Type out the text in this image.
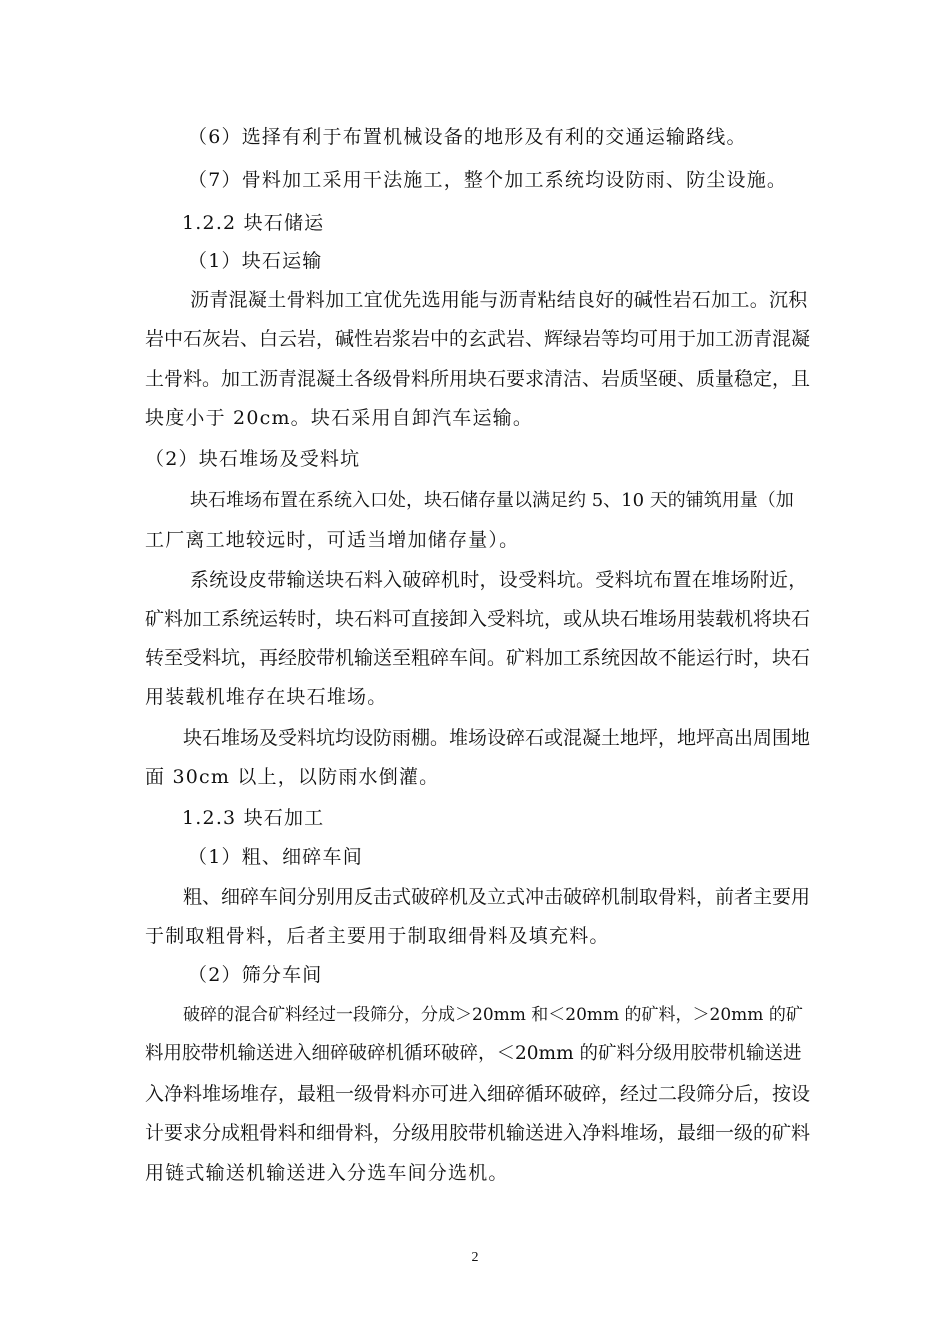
（6）选择有利于布置机械设备的地形及有利的交通运输路线。
（7）骨料加工采用干法施工，整个加工系统均设防雨、防尘设施。
1.2.2 块石储运
（1）块石运输
沥青混凝土骨料加工宜优先选用能与沥青粘结良好的碱性岩石加工。沉积
岩中石灰岩、白云岩，碱性岩浆岩中的玄武岩、辉绿岩等均可用于加工沥青混凝
土骨料。加工沥青混凝土各级骨料所用块石要求清洁、岩质坚硬、质量稳定，且
块度小于 20cm。块石采用自卸汽车运输。
（2）块石堆场及受料坑
块石堆场布置在系统入口处，块石储存量以满足约 5、10 天的铺筑用量（加
工厂离工地较远时，可适当增加储存量）。
系统设皮带输送块石料入破碎机时，设受料坑。受料坑布置在堆场附近，
矿料加工系统运转时，块石料可直接卸入受料坑，或从块石堆场用装载机将块石
转至受料坑，再经胶带机输送至粗碎车间。矿料加工系统因故不能运行时，块石
用装载机堆存在块石堆场。
块石堆场及受料坑均设防雨棚。堆场设碎石或混凝土地坪，地坪高出周围地
面 30cm 以上，以防雨水倒灌。
1.2.3 块石加工
（1）粗、细碎车间
粗、细碎车间分别用反击式破碎机及立式冲击破碎机制取骨料，前者主要用
于制取粗骨料，后者主要用于制取细骨料及填充料。
（2）筛分车间
破碎的混合矿料经过一段筛分，分成＞20mm 和＜20mm 的矿料，＞20mm 的矿
料用胶带机输送进入细碎破碎机循环破碎，＜20mm 的矿料分级用胶带机输送进
入净料堆场堆存，最粗一级骨料亦可进入细碎循环破碎，经过二段筛分后，按设
计要求分成粗骨料和细骨料，分级用胶带机输送进入净料堆场，最细一级的矿料
用链式输送机输送进入分选车间分选机。
2
